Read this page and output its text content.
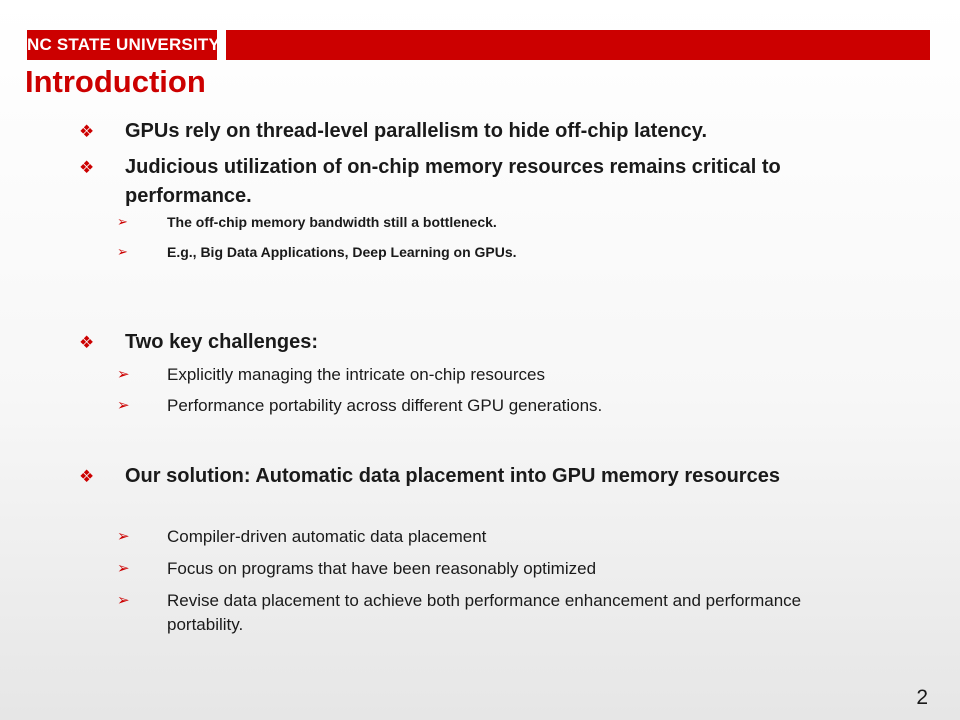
NC STATE UNIVERSITY
Introduction
❖ GPUs rely on thread-level parallelism to hide off-chip latency.
❖ Judicious utilization of on-chip memory resources remains critical to performance.
➢	The off-chip memory bandwidth still a bottleneck.
➢	E.g., Big Data Applications, Deep Learning on GPUs.
❖ Two key challenges:
➢ Explicitly managing the intricate on-chip resources
➢ Performance portability across different GPU generations.
❖ Our solution: Automatic data placement into GPU memory resources
➢ Compiler-driven automatic data placement
➢ Focus on programs that have been reasonably optimized
➢ Revise data placement to achieve both performance enhancement and performance portability.
2
